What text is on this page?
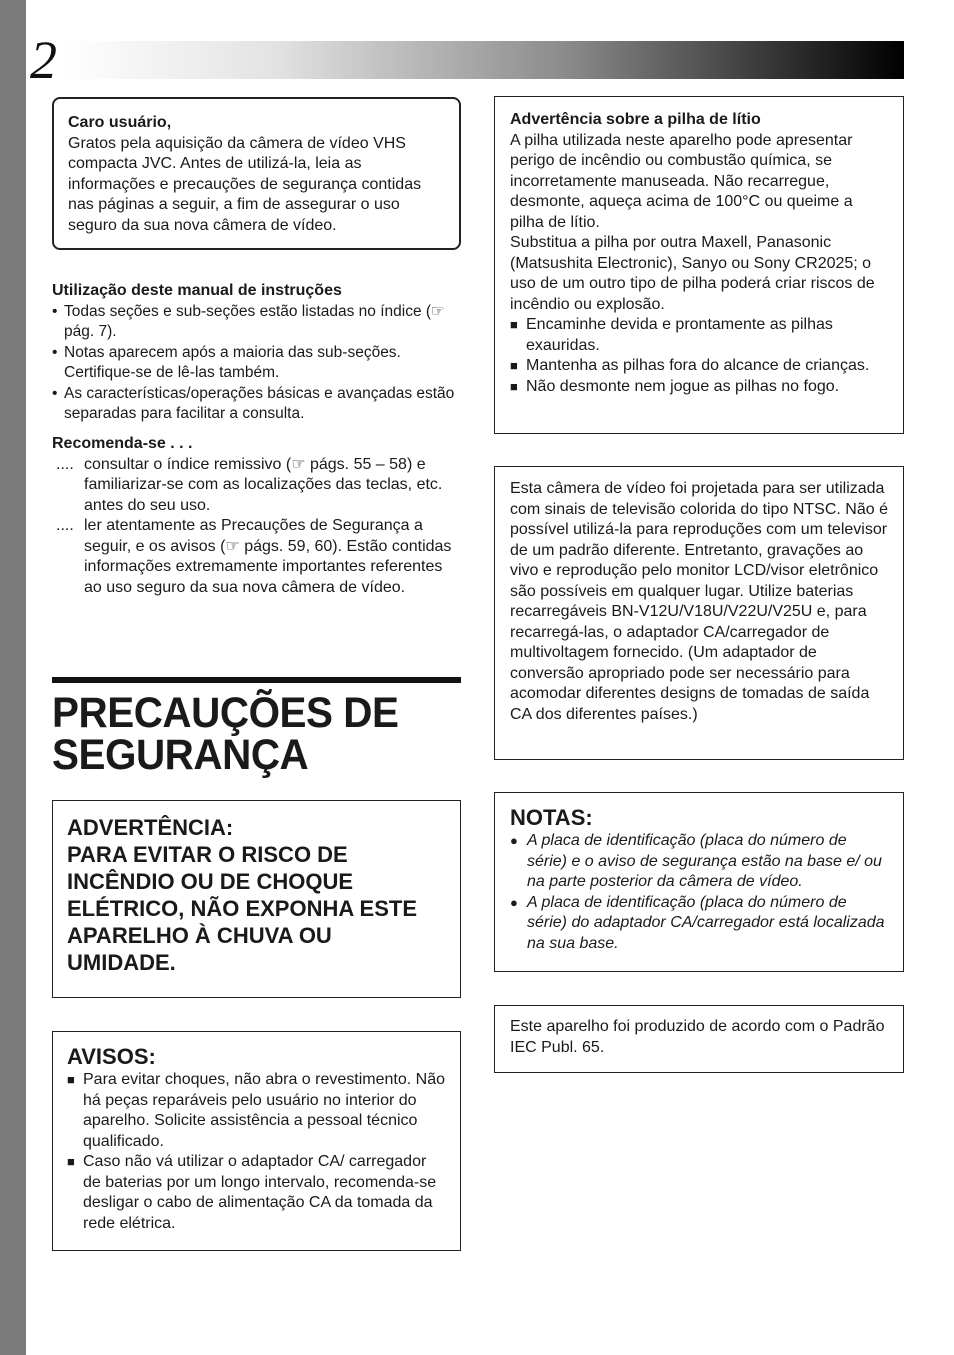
2

Caro usuário,

Gratos pela aquisição da câmera de vídeo VHS compacta JVC. Antes de utilizá-la, leia as informações e precauções de segurança contidas nas páginas a seguir, a fim de assegurar o uso seguro da sua nova câmera de vídeo.

Utilização deste manual de instruções

• Todas seções e sub-seções estão listadas no índice (☞ pág. 7).
• Notas aparecem após a maioria das sub-seções. Certifique-se de lê-las também.
• As características/operações básicas e avançadas estão separadas para facilitar a consulta.

Recomenda-se . . .

.... consultar o índice remissivo (☞ págs. 55 – 58) e familiarizar-se com as localizações das teclas, etc. antes do seu uso.
.... ler atentamente as Precauções de Segurança a seguir, e os avisos (☞ págs. 59, 60). Estão contidas informações extremamente importantes referentes ao uso seguro da sua nova câmera de vídeo.
PRECAUÇÕES DE
SEGURANÇA

ADVERTÊNCIA:

PARA EVITAR O RISCO DE INCÊNDIO OU DE CHOQUE ELÉTRICO, NÃO EXPONHA ESTE APARELHO À CHUVA OU UMIDADE.

AVISOS:

■ Para evitar choques, não abra o revestimento. Não há peças reparáveis pelo usuário no interior do aparelho. Solicite assistência a pessoal técnico qualificado.
■ Caso não vá utilizar o adaptador CA/ carregador de baterias por um longo intervalo, recomenda-se desligar o cabo de alimentação CA da tomada da rede elétrica.

Advertência sobre a pilha de lítio

A pilha utilizada neste aparelho pode apresentar perigo de incêndio ou combustão química, se incorretamente manuseada. Não recarregue, desmonte, aqueça acima de 100°C ou queime a pilha de lítio.

Substitua a pilha por outra Maxell, Panasonic (Matsushita Electronic), Sanyo ou Sony CR2025; o uso de um outro tipo de pilha poderá criar riscos de incêndio ou explosão.

■ Encaminhe devida e prontamente as pilhas exauridas.
■ Mantenha as pilhas fora do alcance de crianças.
■ Não desmonte nem jogue as pilhas no fogo.

Esta câmera de vídeo foi projetada para ser utilizada com sinais de televisão colorida do tipo NTSC. Não é possível utilizá-la para reproduções com um televisor de um padrão diferente. Entretanto, gravações ao vivo e reprodução pelo monitor LCD/visor eletrônico são possíveis em qualquer lugar. Utilize baterias recarregáveis BN-V12U/V18U/V22U/V25U e, para recarregá-las, o adaptador CA/carregador de multivoltagem fornecido. (Um adaptador de conversão apropriado pode ser necessário para acomodar diferentes designs de tomadas de saída CA dos diferentes países.)

NOTAS:

● A placa de identificação (placa do número de série) e o aviso de segurança estão na base e/ ou na parte posterior da câmera de vídeo.
● A placa de identificação (placa do número de série) do adaptador CA/carregador está localizada na sua base.

Este aparelho foi produzido de acordo com o Padrão IEC Publ. 65.
